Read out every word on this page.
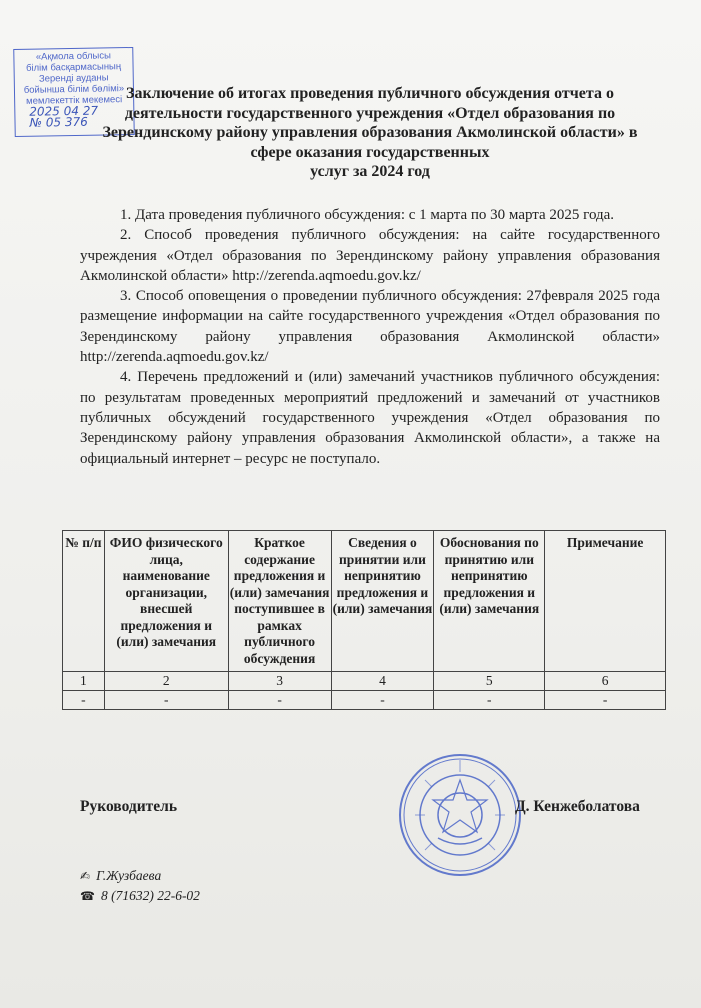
«Ақмола облысы
білім басқармасының
Зеренді ауданы
бойынша білім бөлімі»
мемлекеттік мекемесі
2025 04 27
№ 05 376
Заключение об итогах проведения публичного обсуждения отчета о
деятельности государственного учреждения «Отдел образования по
Зерендинскому району управления образования Акмолинской области» в
сфере оказания государственных
услуг за 2024 год

1. Дата проведения публичного обсуждения: с 1 марта по 30 марта 2025 года.

2. Способ проведения публичного обсуждения: на сайте государственного учреждения «Отдел образования по Зерендинскому району управления образования Акмолинской области» http://zerenda.aqmoedu.gov.kz/

3. Способ оповещения о проведении публичного обсуждения: 27февраля 2025 года размещение информации на сайте государственного учреждения «Отдел образования по Зерендинскому району управления образования Акмолинской области» http://zerenda.aqmoedu.gov.kz/

4. Перечень предложений и (или) замечаний участников публичного обсуждения: по результатам проведенных мероприятий предложений и замечаний от участников публичных обсуждений государственного учреждения «Отдел образования по Зерендинскому району управления образования Акмолинской области», а также на официальный интернет – ресурс не поступало.

№ п/п	ФИО физического лица, наименование организации, внесшей предложения и (или) замечания	Краткое содержание предложения и (или) замечания поступившее в рамках публичного обсуждения	Сведения о принятии или непринятию предложения и (или) замечания	Обоснования по принятию или непринятию предложения и (или) замечания	Примечание
1	2	3	4	5	6
-	-	-	-	-	-
Руководитель	Д. Кенжеболатова
✍ Г.Жузбаева
☎ 8 (71632) 22-6-02
